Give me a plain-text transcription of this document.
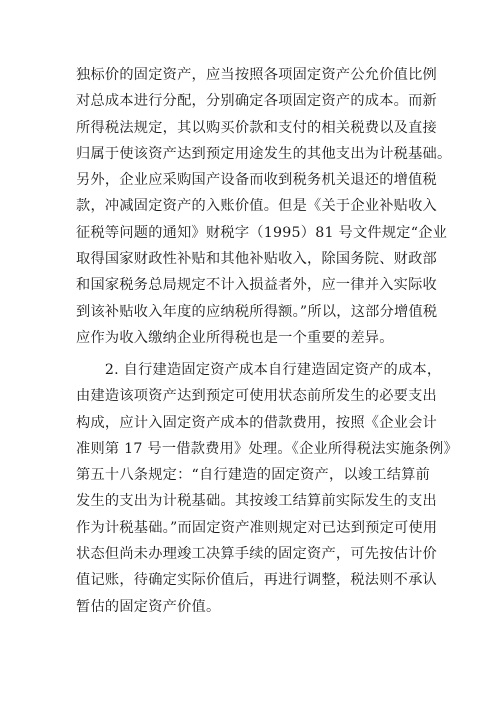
独标价的固定资产，应当按照各项固定资产公允价值比例
对总成本进行分配，分别确定各项固定资产的成本。而新
所得税法规定，其以购买价款和支付的相关税费以及直接
归属于使该资产达到预定用途发生的其他支出为计税基础。
另外，企业应采购国产设备而收到税务机关退还的增值税
款，冲减固定资产的入账价值。但是《关于企业补贴收入
征税等问题的通知》财税字（1995）81 号文件规定“企业
取得国家财政性补贴和其他补贴收入，除国务院、财政部
和国家税务总局规定不计入损益者外，应一律并入实际收
到该补贴收入年度的应纳税所得额。”所以，这部分增值税
应作为收入缴纳企业所得税也是一个重要的差异。
　　2. 自行建造固定资产成本自行建造固定资产的成本，
由建造该项资产达到预定可使用状态前所发生的必要支出
构成，应计入固定资产成本的借款费用，按照《企业会计
准则第 17 号一借款费用》处理。《企业所得税法实施条例》
第五十八条规定：“自行建造的固定资产，以竣工结算前
发生的支出为计税基础。其按竣工结算前实际发生的支出
作为计税基础。”而固定资产准则规定对已达到预定可使用
状态但尚未办理竣工决算手续的固定资产，可先按估计价
值记账，待确定实际价值后，再进行调整，税法则不承认
暂估的固定资产价值。
